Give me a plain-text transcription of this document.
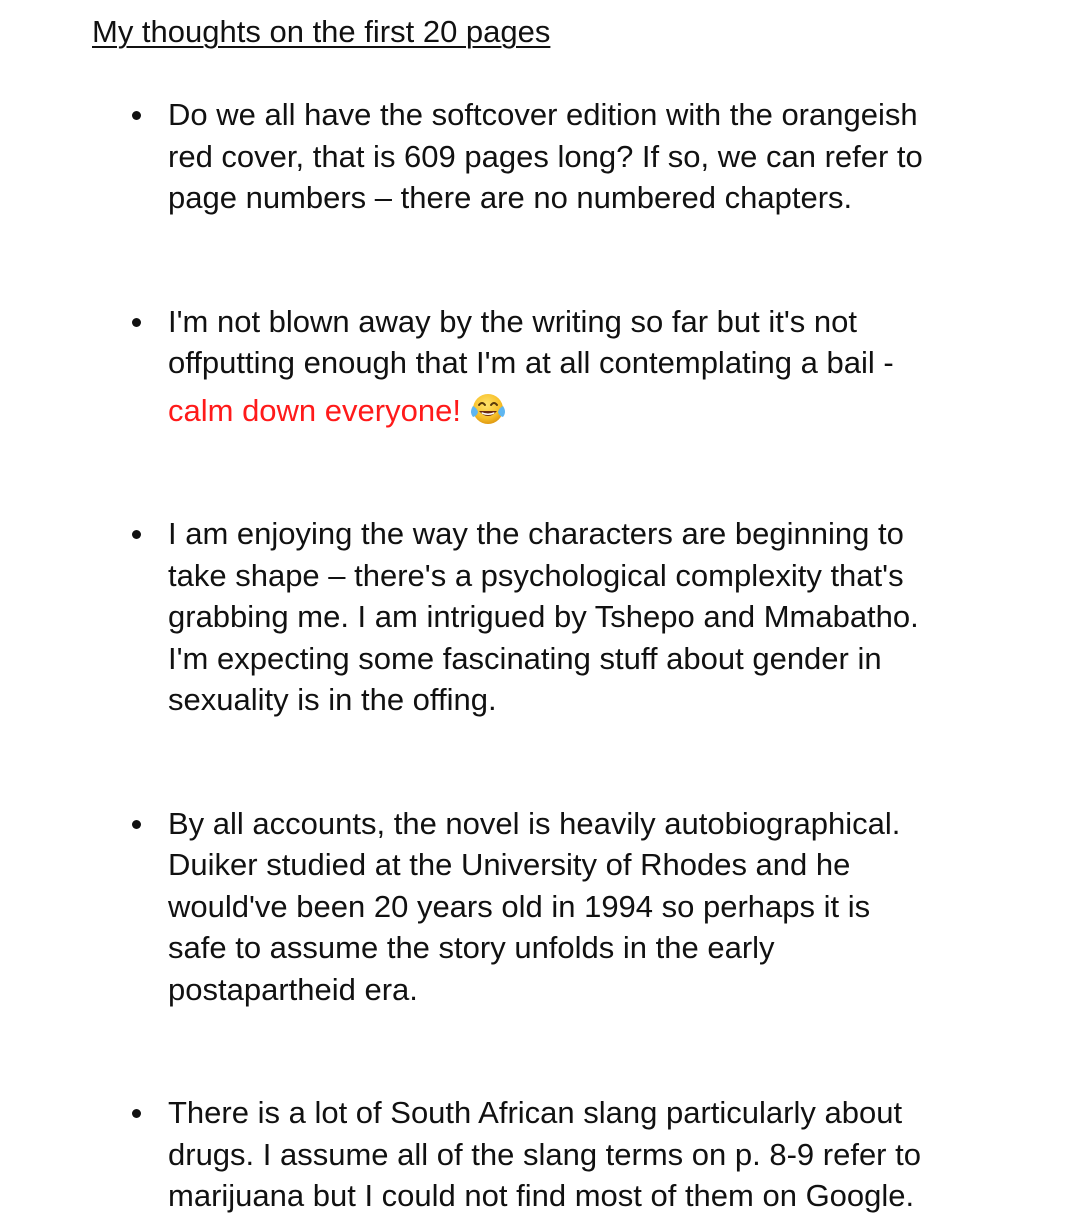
My thoughts on the first 20 pages
Do we all have the softcover edition with the orangeish
red cover, that is 609 pages long? If so, we can refer to
page numbers – there are no numbered chapters.
I'm not blown away by the writing so far but it's not
offputting enough that I'm at all contemplating a bail -
calm down everyone!
I am enjoying the way the characters are beginning to
take shape – there's a psychological complexity that's
grabbing me. I am intrigued by Tshepo and Mmabatho.
I'm expecting some fascinating stuff about gender in
sexuality is in the offing.
By all accounts, the novel is heavily autobiographical.
Duiker studied at the University of Rhodes and he
would've been 20 years old in 1994 so perhaps it is
safe to assume the story unfolds in the early
postapartheid era.
There is a lot of South African slang particularly about
drugs. I assume all of the slang terms on p. 8-9 refer to
marijuana but I could not find most of them on Google.
